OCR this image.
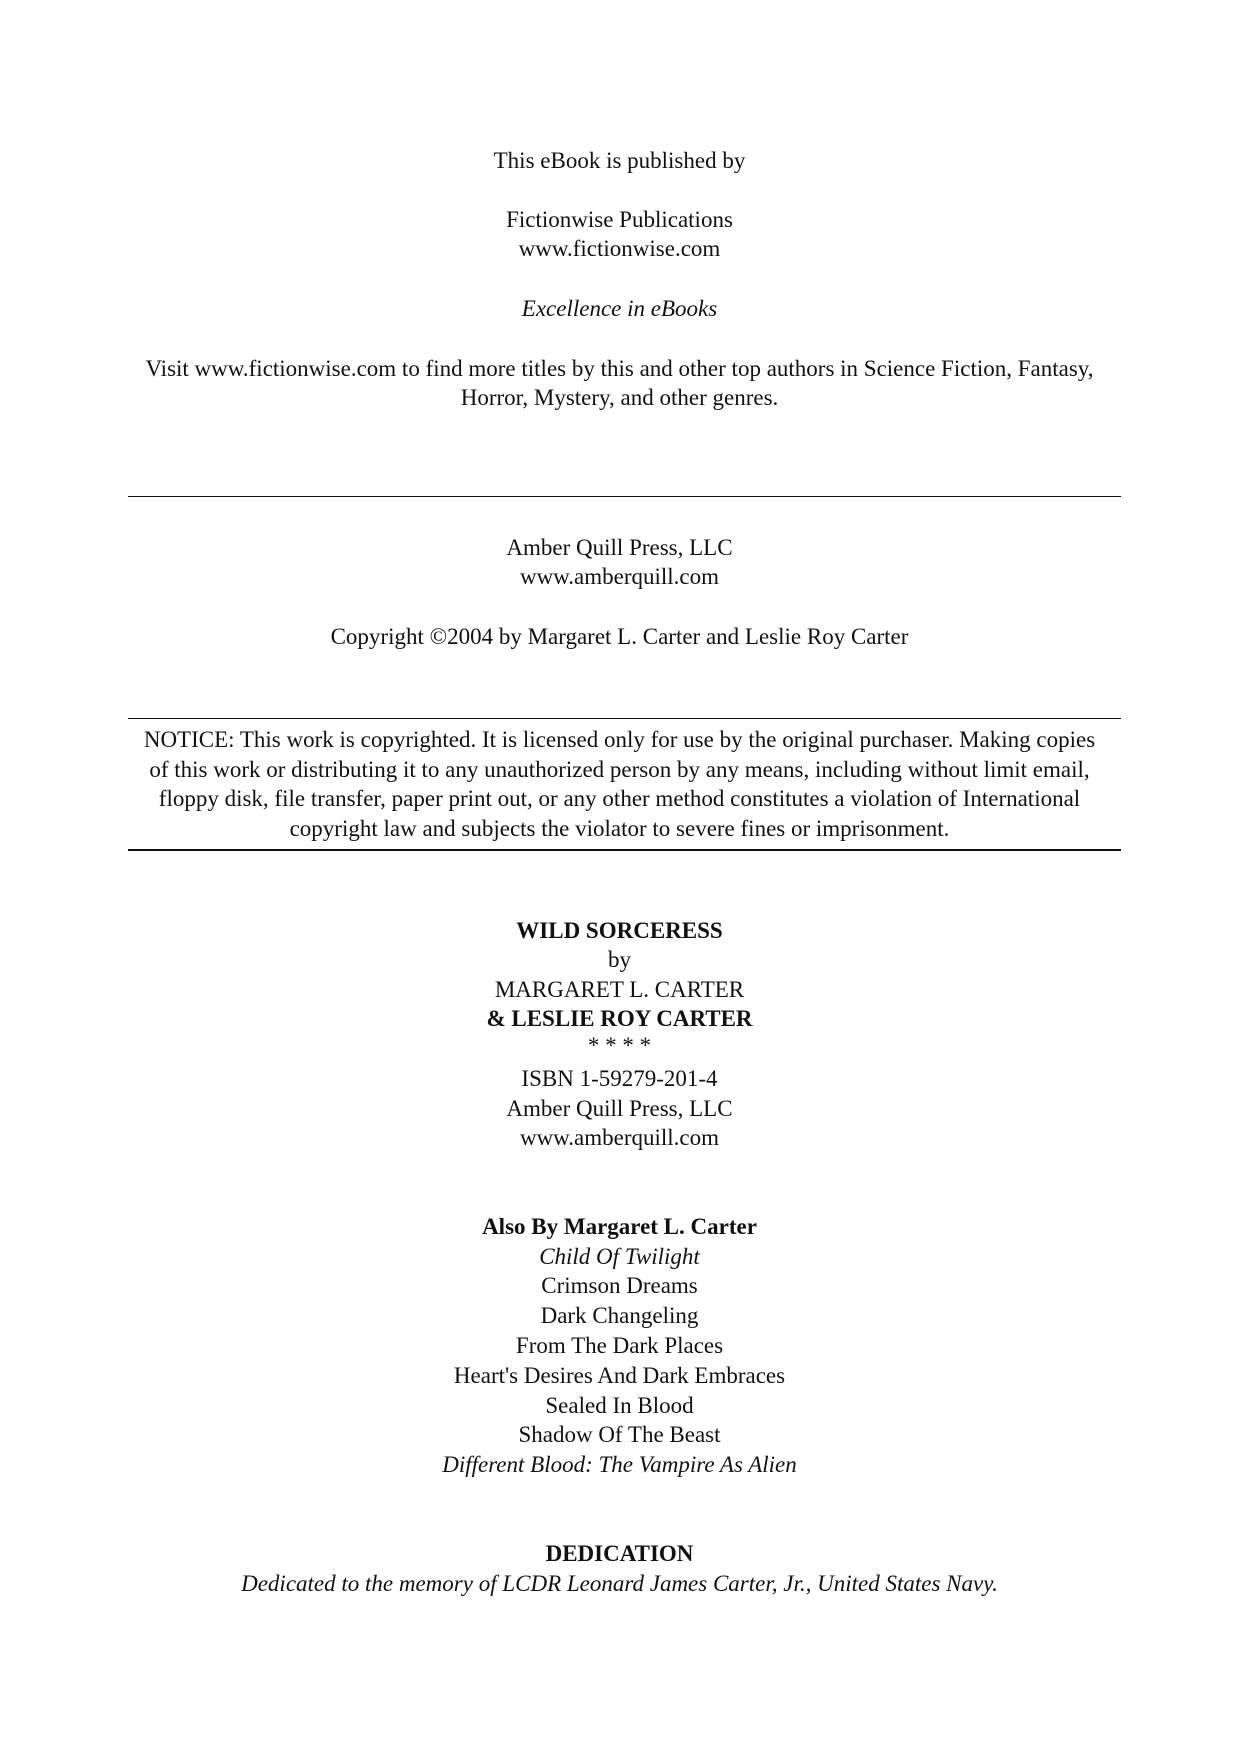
This eBook is published by
Fictionwise Publications
www.fictionwise.com
Excellence in eBooks
Visit www.fictionwise.com to find more titles by this and other top authors in Science Fiction, Fantasy,
Horror, Mystery, and other genres.
Amber Quill Press, LLC
www.amberquill.com
Copyright ©2004 by Margaret L. Carter and Leslie Roy Carter
NOTICE: This work is copyrighted. It is licensed only for use by the original purchaser. Making copies
of this work or distributing it to any unauthorized person by any means, including without limit email,
floppy disk, file transfer, paper print out, or any other method constitutes a violation of International
copyright law and subjects the violator to severe fines or imprisonment.
WILD SORCERESS
by
MARGARET L. CARTER
& LESLIE ROY CARTER
* * * *
ISBN 1-59279-201-4
Amber Quill Press, LLC
www.amberquill.com
Also By Margaret L. Carter
Child Of Twilight
Crimson Dreams
Dark Changeling
From The Dark Places
Heart's Desires And Dark Embraces
Sealed In Blood
Shadow Of The Beast
Different Blood: The Vampire As Alien
DEDICATION
Dedicated to the memory of LCDR Leonard James Carter, Jr., United States Navy.
